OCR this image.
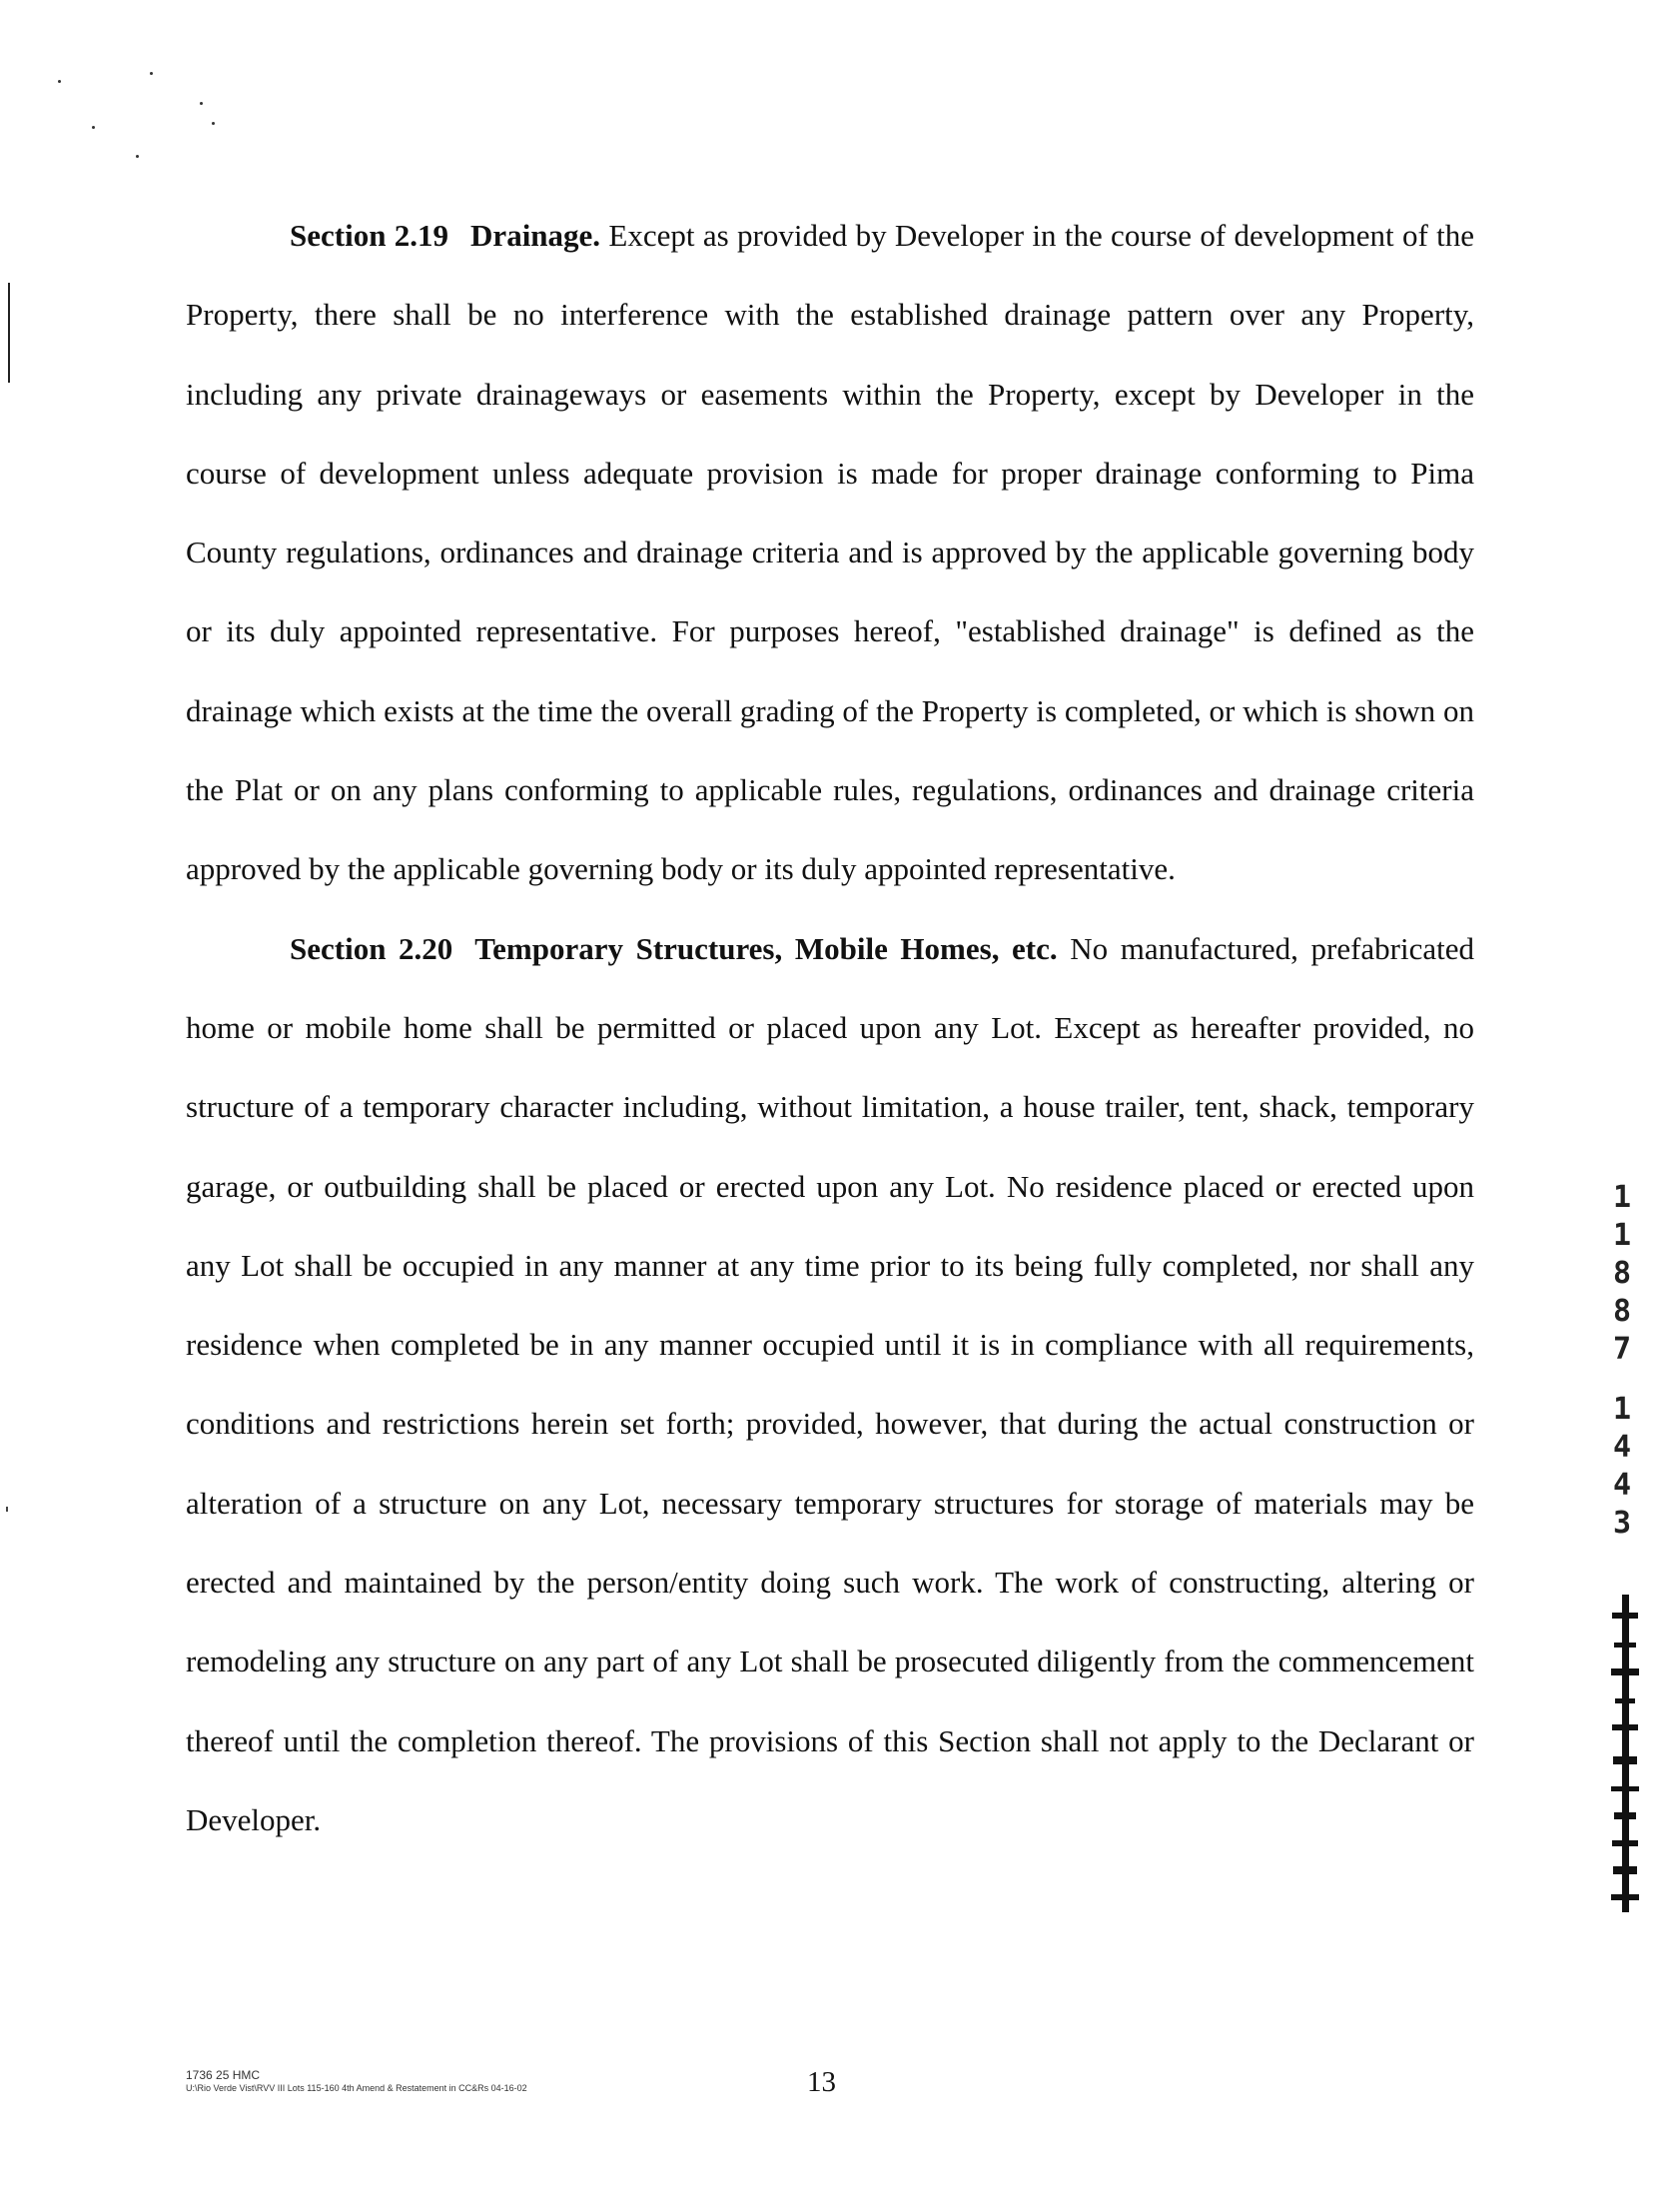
Section 2.19 Drainage. Except as provided by Developer in the course of development of the Property, there shall be no interference with the established drainage pattern over any Property, including any private drainageways or easements within the Property, except by Developer in the course of development unless adequate provision is made for proper drainage conforming to Pima County regulations, ordinances and drainage criteria and is approved by the applicable governing body or its duly appointed representative. For purposes hereof, "established drainage" is defined as the drainage which exists at the time the overall grading of the Property is completed, or which is shown on the Plat or on any plans conforming to applicable rules, regulations, ordinances and drainage criteria approved by the applicable governing body or its duly appointed representative.

Section 2.20 Temporary Structures, Mobile Homes, etc. No manufactured, prefabricated home or mobile home shall be permitted or placed upon any Lot. Except as hereafter provided, no structure of a temporary character including, without limitation, a house trailer, tent, shack, temporary garage, or outbuilding shall be placed or erected upon any Lot. No residence placed or erected upon any Lot shall be occupied in any manner at any time prior to its being fully completed, nor shall any residence when completed be in any manner occupied until it is in compliance with all requirements, conditions and restrictions herein set forth; provided, however, that during the actual construction or alteration of a structure on any Lot, necessary temporary structures for storage of materials may be erected and maintained by the person/entity doing such work. The work of constructing, altering or remodeling any structure on any part of any Lot shall be prosecuted diligently from the commencement thereof until the completion thereof. The provisions of this Section shall not apply to the Declarant or Developer.

1
1
8
8
7
1
4
4
3
1736 25 HMC
U:\Rio Verde Vist\RVV III Lots 115-160 4th Amend & Restatement in CC&Rs 04-16-02	13
